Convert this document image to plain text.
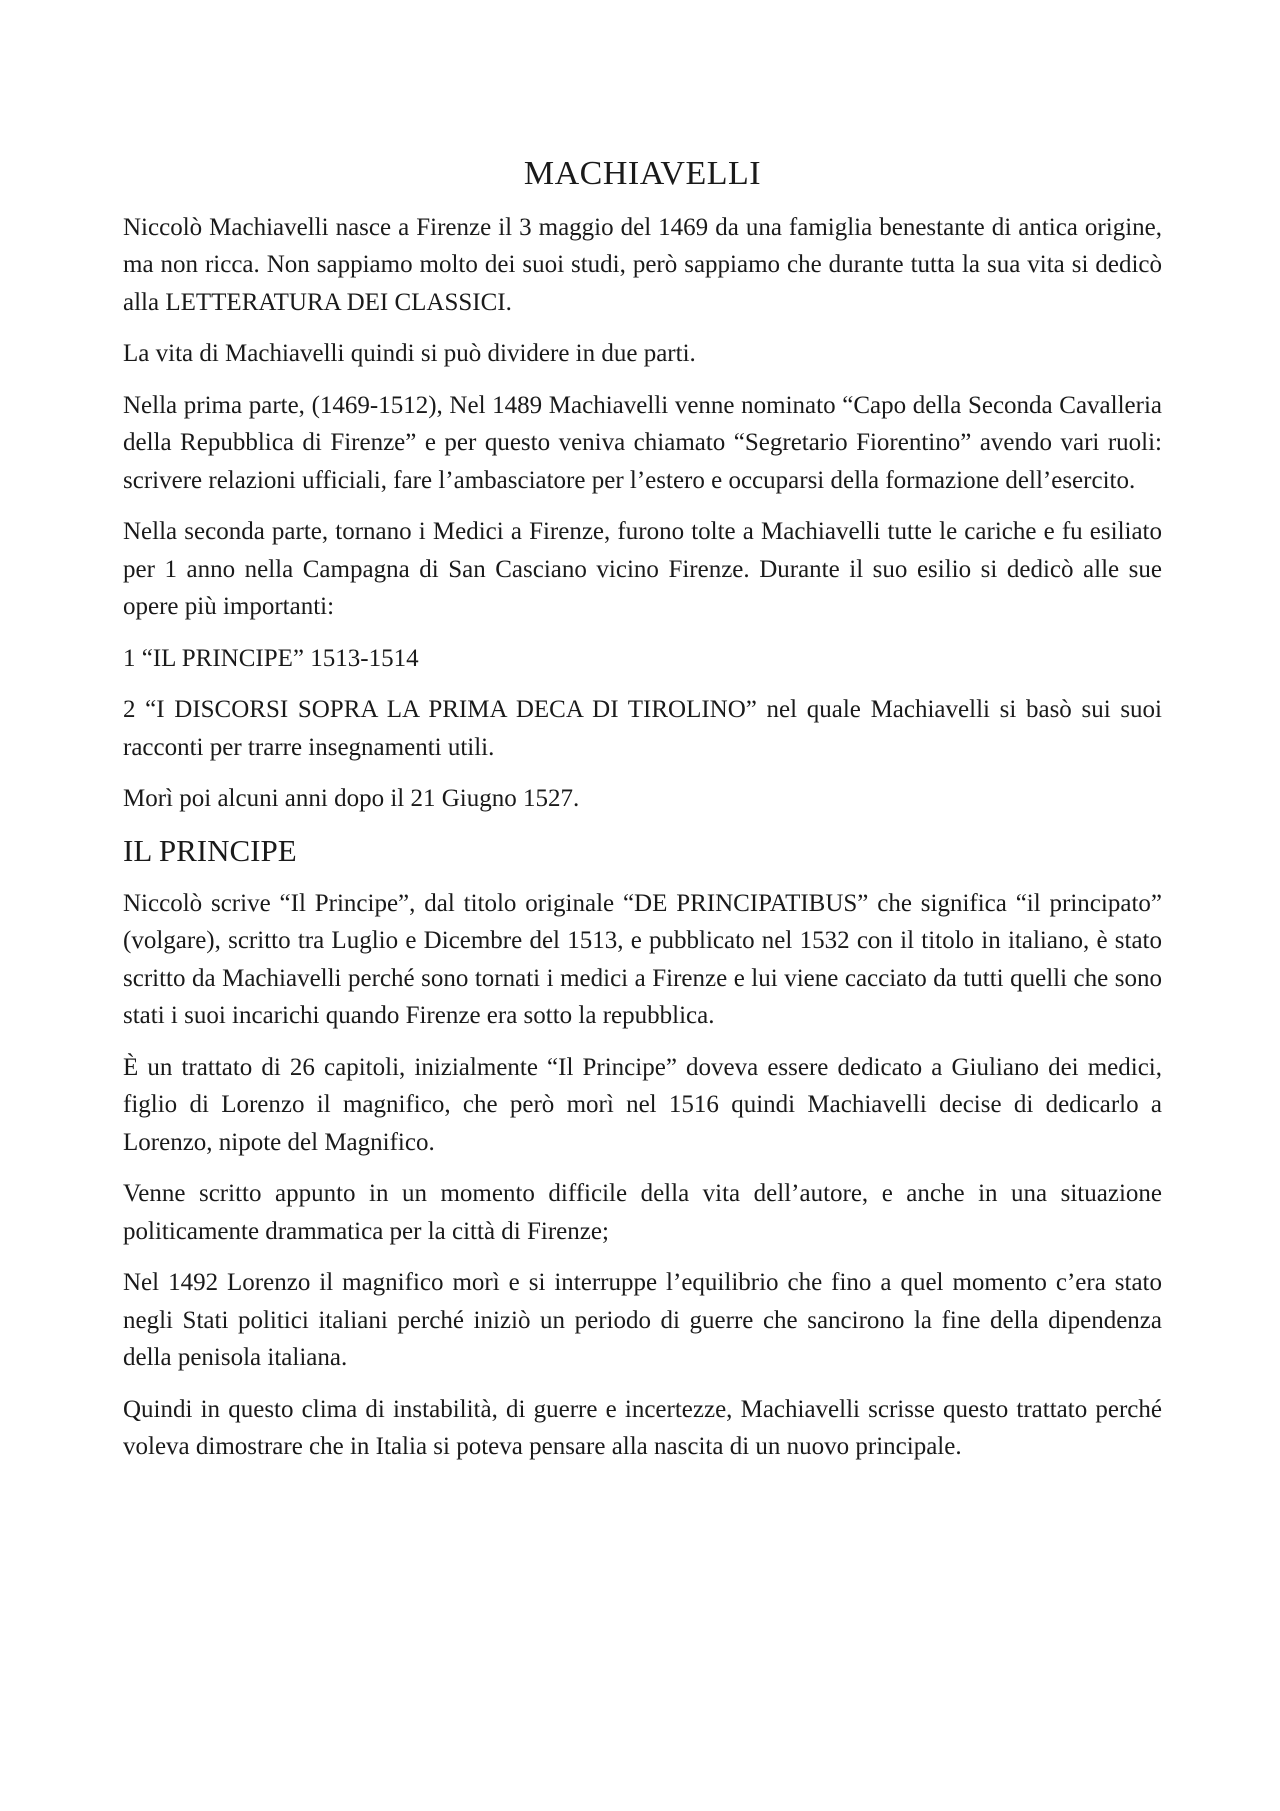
MACHIAVELLI

Niccolò Machiavelli nasce a Firenze il 3 maggio del 1469 da una famiglia benestante di antica origine, ma non ricca. Non sappiamo molto dei suoi studi, però sappiamo che durante tutta la sua vita si dedicò alla LETTERATURA DEI CLASSICI.

La vita di Machiavelli quindi si può dividere in due parti.

Nella prima parte, (1469-1512), Nel 1489 Machiavelli venne nominato “Capo della Seconda Cavalleria della Repubblica di Firenze” e per questo veniva chiamato “Segretario Fiorentino” avendo vari ruoli: scrivere relazioni ufficiali, fare l’ambasciatore per l’estero e occuparsi della formazione dell’esercito.

Nella seconda parte, tornano i Medici a Firenze, furono tolte a Machiavelli tutte le cariche e fu esiliato per 1 anno nella Campagna di San Casciano vicino Firenze. Durante il suo esilio si dedicò alle sue opere più importanti:

1 “IL PRINCIPE” 1513-1514

2 “I DISCORSI SOPRA LA PRIMA DECA DI TIROLINO” nel quale Machiavelli si basò sui suoi racconti per trarre insegnamenti utili.

Morì poi alcuni anni dopo il 21 Giugno 1527.

IL PRINCIPE

Niccolò scrive “Il Principe”, dal titolo originale “DE PRINCIPATIBUS” che significa “il principato” (volgare), scritto tra Luglio e Dicembre del 1513, e pubblicato nel 1532 con il titolo in italiano, è stato scritto da Machiavelli perché sono tornati i medici a Firenze e lui viene cacciato da tutti quelli che sono stati i suoi incarichi quando Firenze era sotto la repubblica.

È un trattato di 26 capitoli, inizialmente “Il Principe” doveva essere dedicato a Giuliano dei medici, figlio di Lorenzo il magnifico, che però morì nel 1516 quindi Machiavelli decise di dedicarlo a Lorenzo, nipote del Magnifico.

Venne scritto appunto in un momento difficile della vita dell’autore, e anche in una situazione politicamente drammatica per la città di Firenze;

Nel 1492 Lorenzo il magnifico morì e si interruppe l’equilibrio che fino a quel momento c’era stato negli Stati politici italiani perché iniziò un periodo di guerre che sancirono la fine della dipendenza della penisola italiana.

Quindi in questo clima di instabilità, di guerre e incertezze, Machiavelli scrisse questo trattato perché voleva dimostrare che in Italia si poteva pensare alla nascita di un nuovo principale.
